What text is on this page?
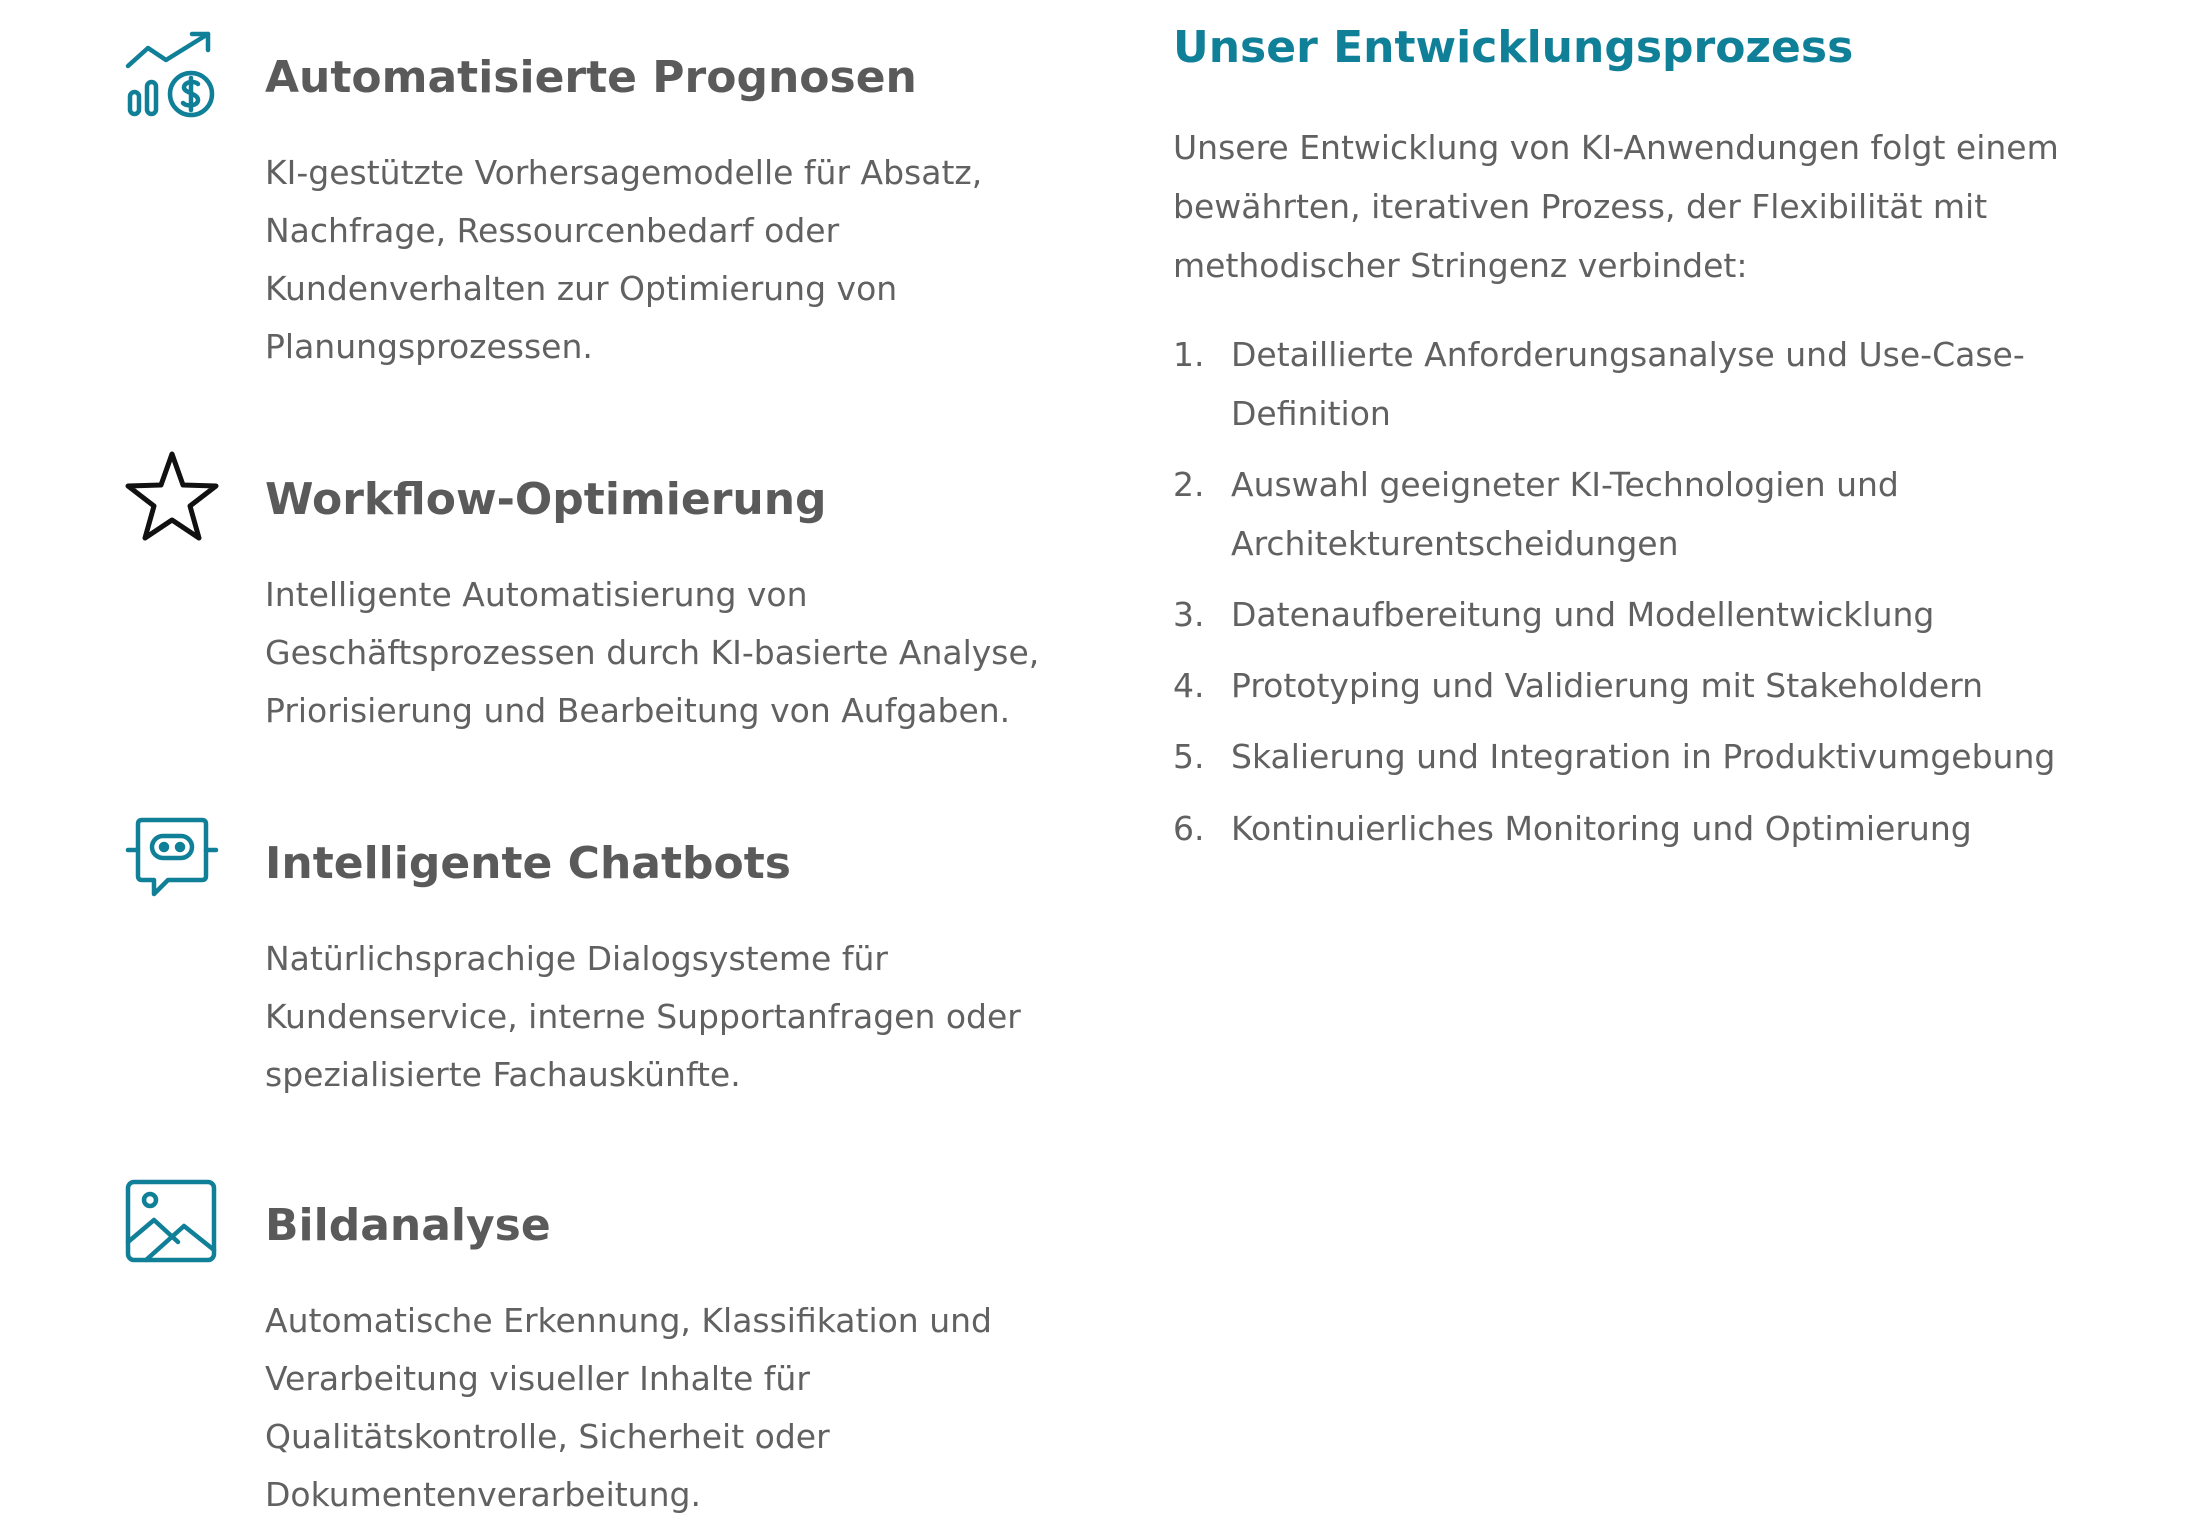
Automatisierte Prognosen

KI-gestützte Vorhersagemodelle für Absatz, Nachfrage, Ressourcenbedarf oder Kundenverhalten zur Optimierung von Planungsprozessen.

Workflow-Optimierung

Intelligente Automatisierung von Geschäftsprozessen durch KI-basierte Analyse, Priorisierung und Bearbeitung von Aufgaben.

Intelligente Chatbots

Natürlichsprachige Dialogsysteme für Kundenservice, interne Supportanfragen oder spezialisierte Fachauskünfte.

Bildanalyse

Automatische Erkennung, Klassifikation und Verarbeitung visueller Inhalte für Qualitätskontrolle, Sicherheit oder Dokumentenverarbeitung.

Unser Entwicklungsprozess

Unsere Entwicklung von KI-Anwendungen folgt einem bewährten, iterativen Prozess, der Flexibilität mit methodischer Stringenz verbindet:

1. Detaillierte Anforderungsanalyse und Use-Case-Definition
2. Auswahl geeigneter KI-Technologien und Architekturentscheidungen
3. Datenaufbereitung und Modellentwicklung
4. Prototyping und Validierung mit Stakeholdern
5. Skalierung und Integration in Produktivumgebung
6. Kontinuierliches Monitoring und Optimierung
